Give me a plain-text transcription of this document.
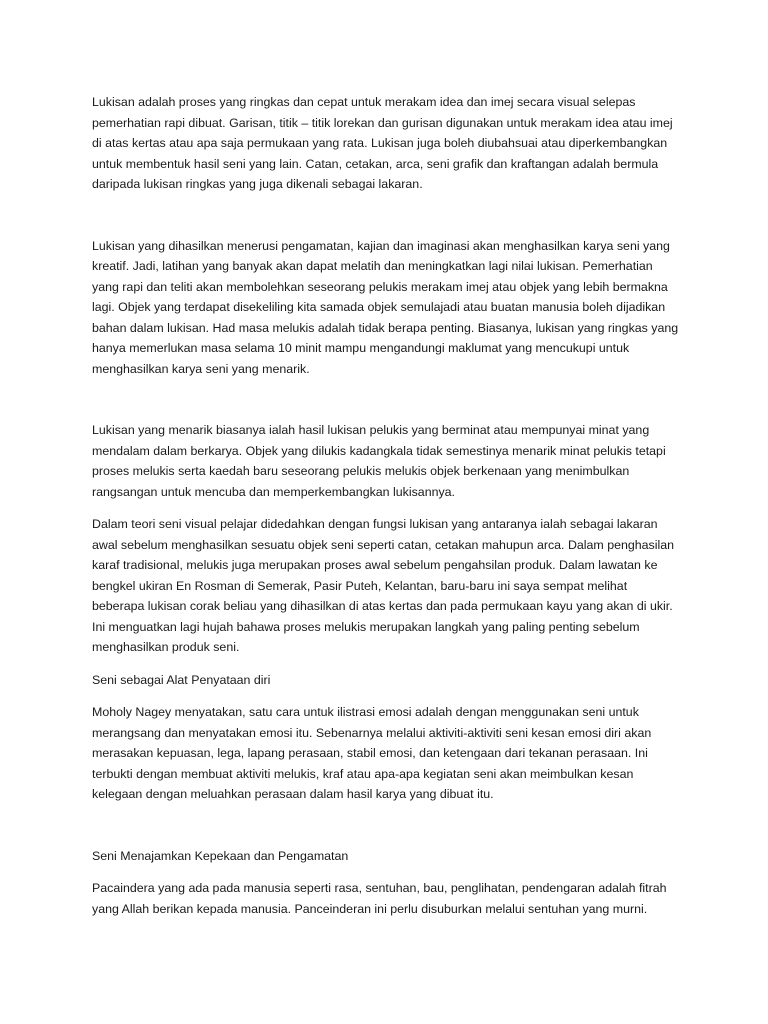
Lukisan adalah proses yang ringkas dan cepat untuk merakam idea dan imej secara visual selepas pemerhatian rapi dibuat. Garisan, titik – titik lorekan dan gurisan digunakan untuk merakam idea atau imej di atas kertas atau apa saja permukaan yang rata. Lukisan juga boleh diubahsuai atau diperkembangkan untuk membentuk hasil seni yang lain. Catan, cetakan, arca, seni grafik dan kraftangan adalah bermula daripada lukisan ringkas yang juga dikenali sebagai lakaran.

Lukisan yang dihasilkan menerusi pengamatan, kajian dan imaginasi akan menghasilkan karya seni yang kreatif. Jadi, latihan yang banyak akan dapat melatih dan meningkatkan lagi nilai lukisan. Pemerhatian yang rapi dan teliti akan membolehkan seseorang pelukis merakam imej atau objek yang lebih bermakna lagi. Objek yang terdapat disekeliling kita samada objek semulajadi atau buatan manusia boleh dijadikan bahan dalam lukisan. Had masa melukis adalah tidak berapa penting. Biasanya, lukisan yang ringkas yang hanya memerlukan masa selama 10 minit mampu mengandungi maklumat yang mencukupi untuk menghasilkan karya seni yang menarik.

Lukisan yang menarik biasanya ialah hasil lukisan pelukis yang berminat atau mempunyai minat yang mendalam dalam berkarya. Objek yang dilukis kadangkala tidak semestinya menarik minat pelukis tetapi proses melukis serta kaedah baru seseorang pelukis melukis objek berkenaan yang menimbulkan rangsangan untuk mencuba dan memperkembangkan lukisannya.

Dalam teori seni visual pelajar didedahkan dengan fungsi lukisan yang antaranya ialah sebagai lakaran awal sebelum menghasilkan sesuatu objek seni seperti catan, cetakan mahupun arca. Dalam penghasilan karaf tradisional, melukis juga merupakan proses awal sebelum pengahsilan produk. Dalam lawatan ke bengkel ukiran En Rosman di Semerak, Pasir Puteh, Kelantan, baru-baru ini saya sempat melihat beberapa lukisan corak beliau yang dihasilkan di atas kertas dan pada permukaan kayu yang akan di ukir. Ini menguatkan lagi hujah bahawa proses melukis merupakan langkah yang paling penting sebelum menghasilkan produk seni.

Seni sebagai Alat Penyataan diri

Moholy Nagey menyatakan, satu cara untuk ilistrasi emosi adalah dengan menggunakan seni untuk merangsang dan menyatakan emosi itu. Sebenarnya melalui aktiviti-aktiviti seni kesan emosi diri akan merasakan kepuasan, lega, lapang perasaan, stabil emosi, dan ketengaan dari tekanan perasaan. Ini terbukti dengan membuat aktiviti melukis, kraf atau apa-apa kegiatan seni akan meimbulkan kesan kelegaan dengan meluahkan perasaan dalam hasil karya yang dibuat itu.

Seni Menajamkan Kepekaan dan Pengamatan

Pacaindera yang ada pada manusia seperti rasa, sentuhan, bau, penglihatan, pendengaran adalah fitrah yang Allah berikan kepada manusia. Panceinderan ini perlu disuburkan melalui sentuhan yang murni.
